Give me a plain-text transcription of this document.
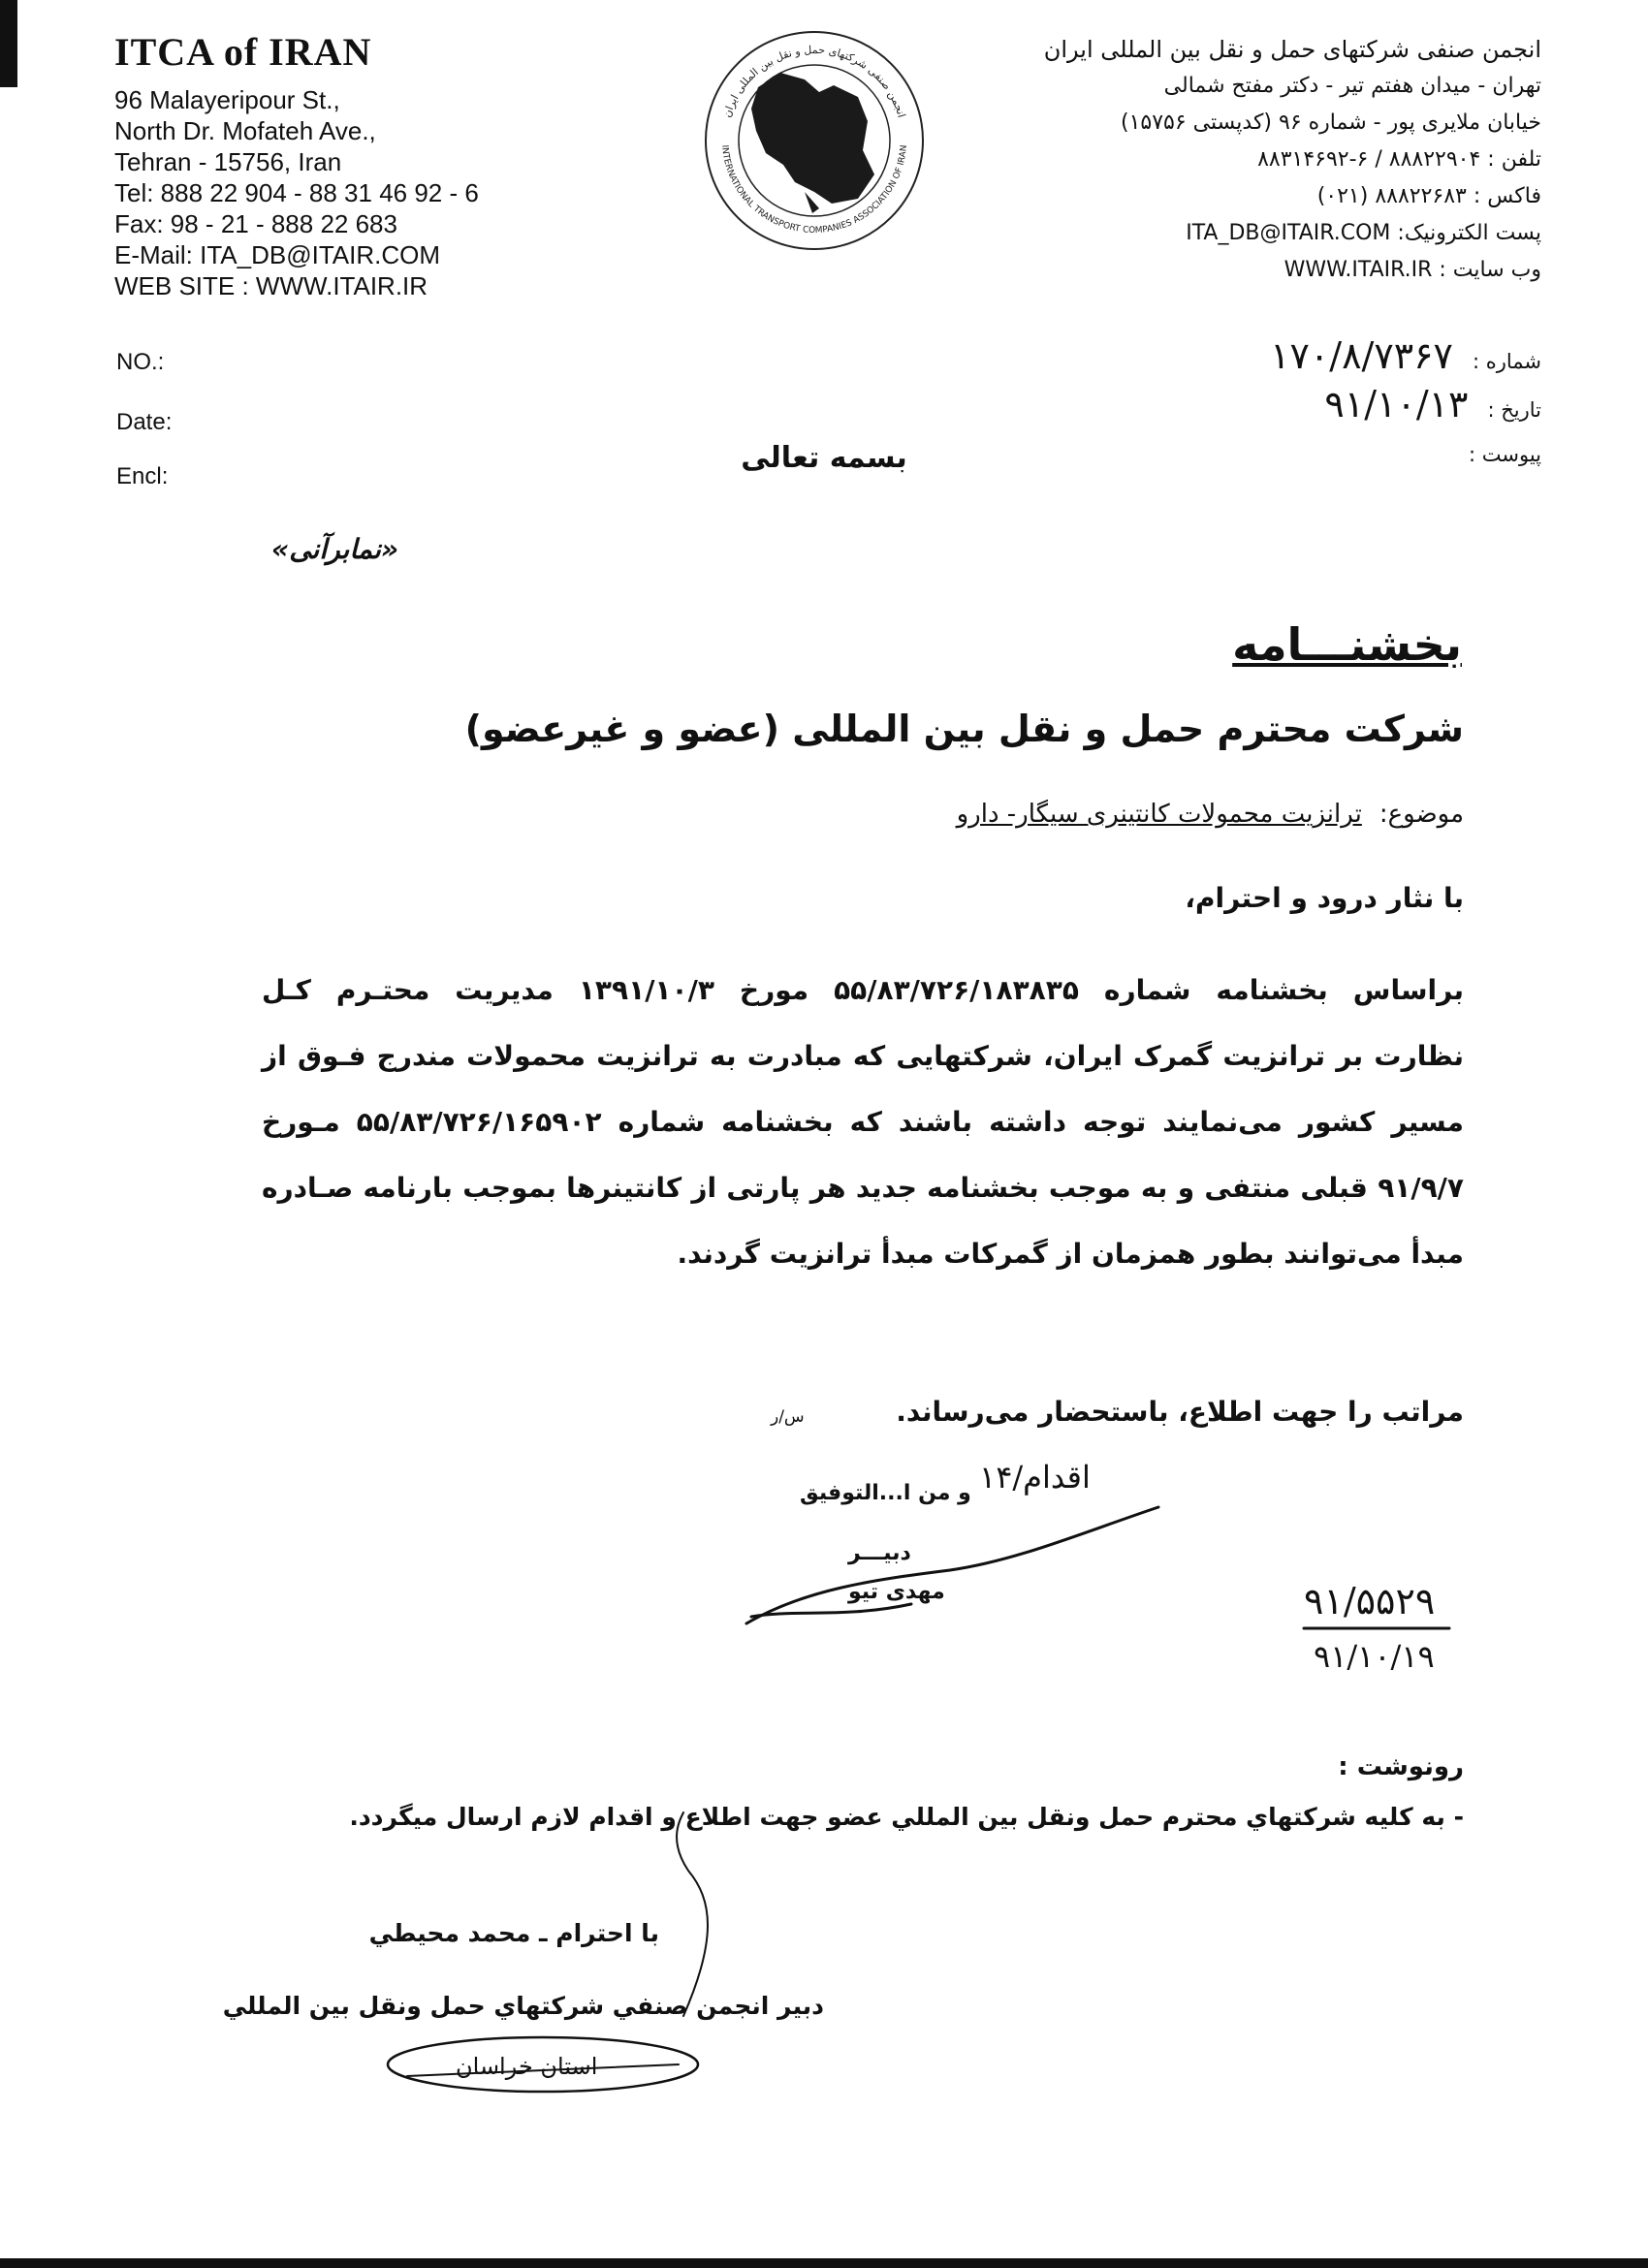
ITCA of IRAN
96 Malayeripour St.,
North Dr. Mofateh Ave.,
Tehran - 15756, Iran
Tel: 888 22 904 - 88 31 46 92 - 6
Fax: 98 - 21 - 888 22 683
E-Mail: ITA_DB@ITAIR.COM
WEB SITE : WWW.ITAIR.IR
NO.:
Date:
Encl:
انجمن صنفی شرکتهای حمل و نقل بین المللی ایران
INTERNATIONAL TRANSPORT COMPANIES ASSOCIATION OF IRAN
انجمن صنفی شرکتهای حمل و نقل بین المللی ایران
تهران - میدان هفتم تیر - دکتر مفتح شمالی
خیابان ملایری پور - شماره ۹۶ (کدپستی ۱۵۷۵۶)
تلفن : ۸۸۸۲۲۹۰۴ / ۶-۸۸۳۱۴۶۹۲
فاکس : ۸۸۸۲۲۶۸۳ (۰۲۱)
پست الکترونیک: ITA_DB@ITAIR.COM
وب سایت : WWW.ITAIR.IR
شماره :
۱۷۰/۸/۷۳۶۷
تاریخ :
۹۱/۱۰/۱۳
پیوست :
بسمه تعالی
«نمابرآنی»
بخشنـــامه
شرکت محترم حمل و نقل بین المللی (عضو و غیرعضو)
موضوع:
ترانزیت محمولات کانتینری سیگار- دارو
با نثار درود و احترام،
براساس بخشنامه شماره ۵۵/۸۳/۷۲۶/۱۸۳۸۳۵ مورخ ۱۳۹۱/۱۰/۳ مدیریت محتـرم کـل
نظارت بر ترانزیت گمرک ایران، شرکتهایی که مبادرت به ترانزیت محمولات مندرج فـوق از
مسیر کشور می‌نمایند توجه داشته باشند که بخشنامه شماره ۵۵/۸۳/۷۲۶/۱۶۵۹۰۲ مـورخ
۹۱/۹/۷ قبلی منتفی و به موجب بخشنامه جدید هر پارتی از کانتینرها بموجب بارنامه صـادره
مبدأ می‌توانند بطور همزمان از گمرکات مبدأ ترانزیت گردند.
مراتب را جهت اطلاع، باستحضار می‌رساند.
س/ر
و من ا...التوفیق ۱۴/اقدام
دبیـــر
مهدی تیو	۹۱/۵۵۲۹
۹۱/۱۰/۱۹
رونوشت :
- به كليه شركتهاي محترم حمل ونقل بين المللي عضو جهت اطلاع و اقدام لازم ارسال ميگردد.
با احترام ـ محمد محيطي
دبير انجمن صنفي شركتهاي حمل ونقل بين المللي
استان خراسان
